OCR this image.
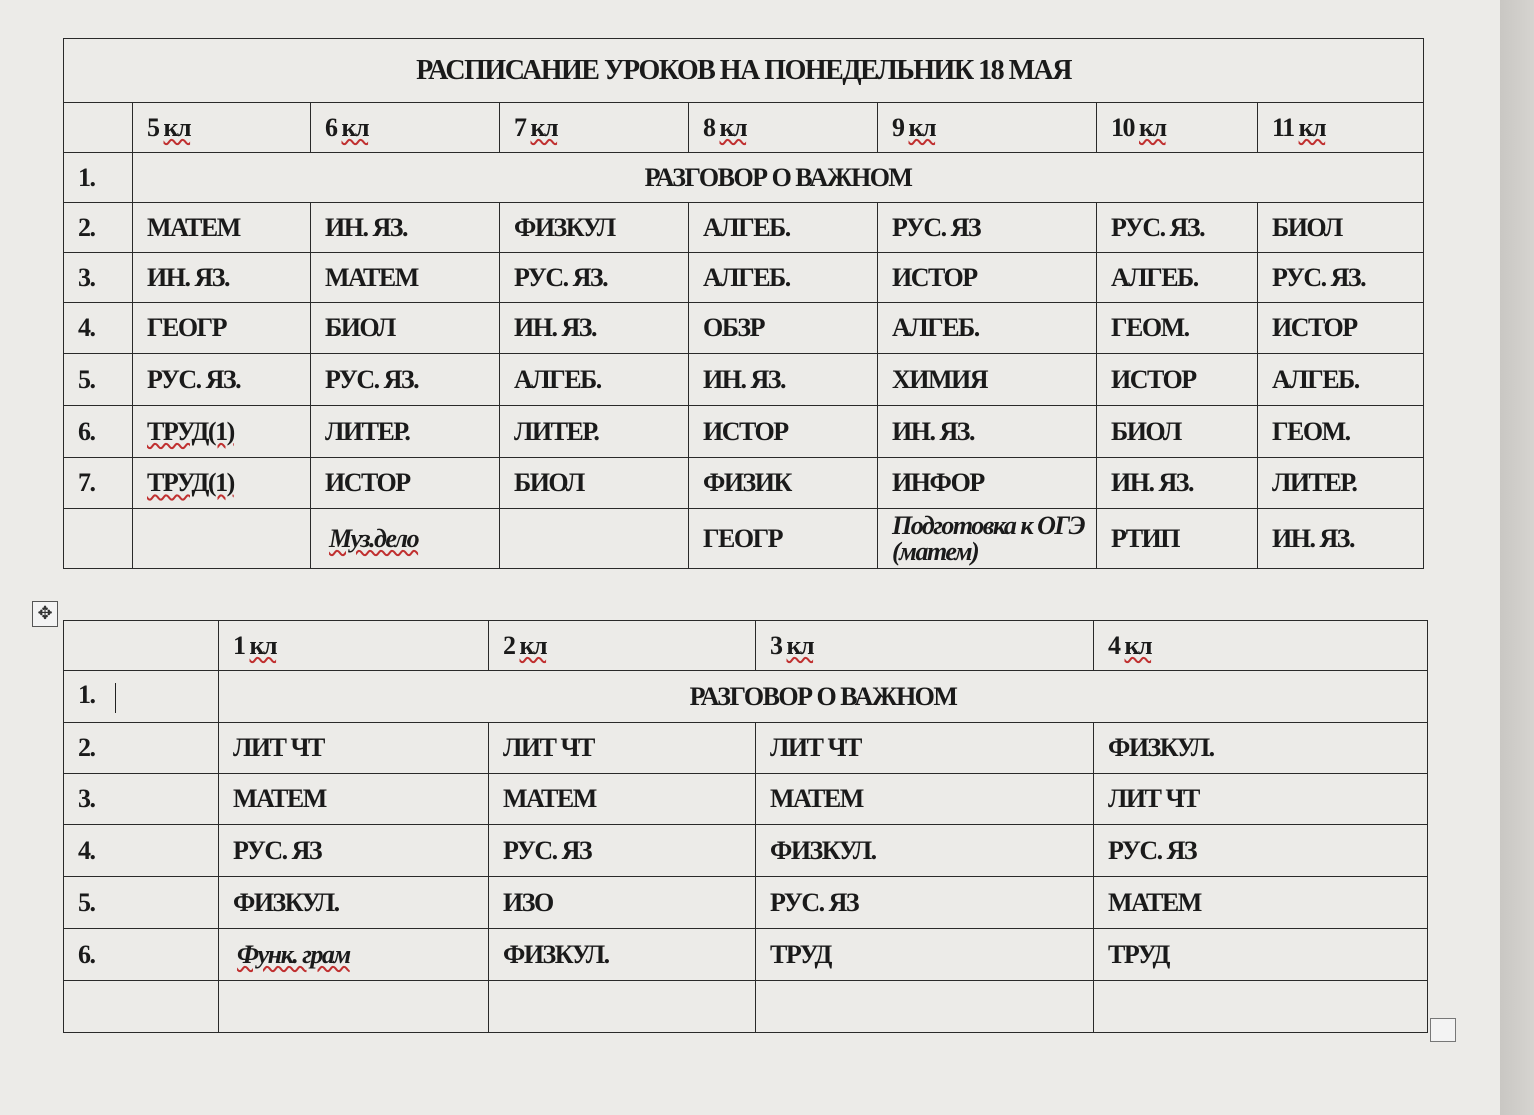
РАСПИСАНИЕ УРОКОВ НА ПОНЕДЕЛЬНИК 18 МАЯ							
	5 кл	6 кл	7 кл	8 кл	9 кл	10 кл	11 кл
1.	РАЗГОВОР О ВАЖНОМ						
2.	МАТЕМ	ИН. ЯЗ.	ФИЗКУЛ	АЛГЕБ.	РУС. ЯЗ	РУС. ЯЗ.	БИОЛ
3.	ИН. ЯЗ.	МАТЕМ	РУС. ЯЗ.	АЛГЕБ.	ИСТОР	АЛГЕБ.	РУС. ЯЗ.
4.	ГЕОГР	БИОЛ	ИН. ЯЗ.	ОБЗР	АЛГЕБ.	ГЕОМ.	ИСТОР
5.	РУС. ЯЗ.	РУС. ЯЗ.	АЛГЕБ.	ИН. ЯЗ.	ХИМИЯ	ИСТОР	АЛГЕБ.
6.	ТРУД(1)	ЛИТЕР.	ЛИТЕР.	ИСТОР	ИН. ЯЗ.	БИОЛ	ГЕОМ.
7.	ТРУД(1)	ИСТОР	БИОЛ	ФИЗИК	ИНФОР	ИН. ЯЗ.	ЛИТЕР.
		Муз.дело		ГЕОГР	Подготовка к ОГЭ (матем)	РТИП	ИН. ЯЗ.
✥
	1 кл	2 кл	3 кл	4 кл
1.	РАЗГОВОР О ВАЖНОМ			
2.	ЛИТ ЧТ	ЛИТ ЧТ	ЛИТ ЧТ	ФИЗКУЛ.
3.	МАТЕМ	МАТЕМ	МАТЕМ	ЛИТ ЧТ
4.	РУС. ЯЗ	РУС. ЯЗ	ФИЗКУЛ.	РУС. ЯЗ
5.	ФИЗКУЛ.	ИЗО	РУС. ЯЗ	МАТЕМ
6.	Функ. грам	ФИЗКУЛ.	ТРУД	ТРУД
